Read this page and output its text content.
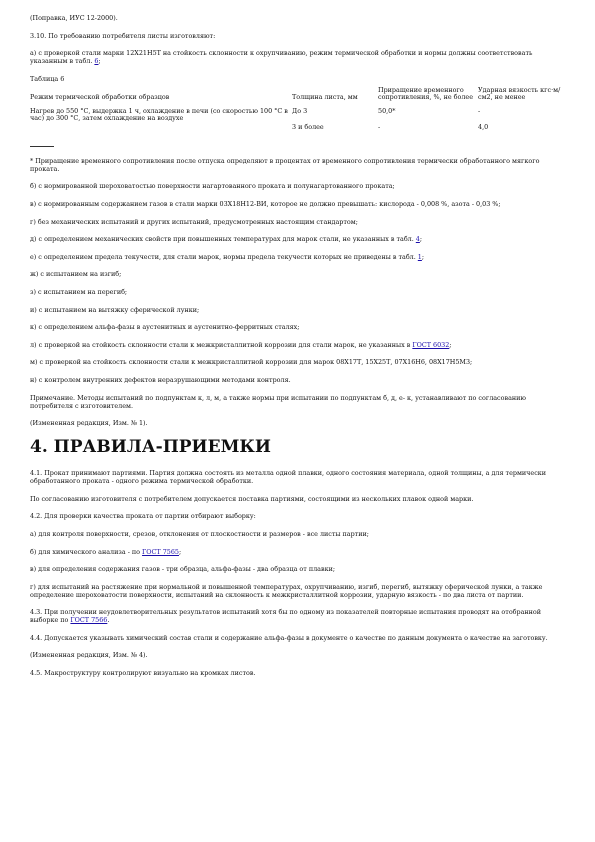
(Поправка, ИУС 12-2000).

3.10. По требованию потребителя листы изготовляют:

а) с проверкой стали марки 12Х21Н5Т на стойкость склонности к охрупчиванию, режим термической обработки и нормы должны соответствовать указанным в табл. 6;

Таблица 6

Режим термической обработки образцов	Толщина листа, мм	Приращение временного сопротивления, %, не более	Ударная вязкость кгс·м/см2, не менее
Нагрев до 550 °С, выдержка 1 ч, охлаждение в печи (со скоростью 100 °С в час) до 300 °С, затем охлаждение на воздухе	До 3	50,0*	-
	3 и более	-	4,0

* Приращение временного сопротивления после отпуска определяют в процентах от временного сопротивления термически обработанного мягкого проката.

б) с нормированной шероховатостью поверхности нагартованного проката и полунагартованного проката;

в) с нормированным содержанием газов в стали марки 03Х18Н12-ВИ, которое не должно превышать: кислорода - 0,008 %, азота - 0,03 %;

г) без механических испытаний и других испытаний, предусмотренных настоящим стандартом;

д) с определением механических свойств при повышенных температурах для марок стали, не указанных в табл. 4;

е) с определением предела текучести, для стали марок, нормы предела текучести которых не приведены в табл. 1;

ж) с испытанием на изгиб;

з) с испытанием на перегиб;

и) с испытанием на вытяжку сферической лунки;

к) с определением альфа-фазы в аустенитных и аустенитно-ферритных сталях;

л) с проверкой на стойкость склонности стали к межкристаллитной коррозии для стали марок, не указанных в ГОСТ 6032;

м) с проверкой на стойкость склонности стали к межкристаллитной коррозии для марок 08Х17Т, 15Х25Т, 07Х16Н6, 08Х17Н5М3;

н) с контролем внутренних дефектов неразрушающими методами контроля.

Примечание. Методы испытаний по подпунктам к, л, м, а также нормы при испытании по подпунктам б, д, е- к, устанавливают по согласованию потребителя с изготовителем.

(Измененная редакция, Изм. № 1).

4. ПРАВИЛА-ПРИЕМКИ

4.1. Прокат принимают партиями. Партия должна состоять из металла одной плавки, одного состояния материала, одной толщины, а для термически обработанного проката - одного режима термической обработки.

По согласованию изготовителя с потребителем допускается поставка партиями, состоящими из нескольких плавок одной марки.

4.2. Для проверки качества проката от партии отбирают выборку:

а) для контроля поверхности, срезов, отклонения от плоскостности и размеров - все листы партии;

б) для химического анализа - по ГОСТ 7565;

в) для определения содержания газов - три образца, альфа-фазы - два образца от плавки;

г) для испытаний на растяжение при нормальной и повышенной температурах, охрупчиванию, изгиб, перегиб, вытяжку сферической лунки, а также определение шероховатости поверхности, испытаний на склонность к межкристаллитной коррозии, ударную вязкость - по два листа от партии.

4.3. При получении неудовлетворительных результатов испытаний хотя бы по одному из показателей повторные испытания проводят на отобранной выборке по ГОСТ 7566.

4.4. Допускается указывать химический состав стали и содержание альфа-фазы в документе о качестве по данным документа о качестве на заготовку.

(Измененная редакция, Изм. № 4).

4.5. Макроструктуру контролируют визуально на кромках листов.
